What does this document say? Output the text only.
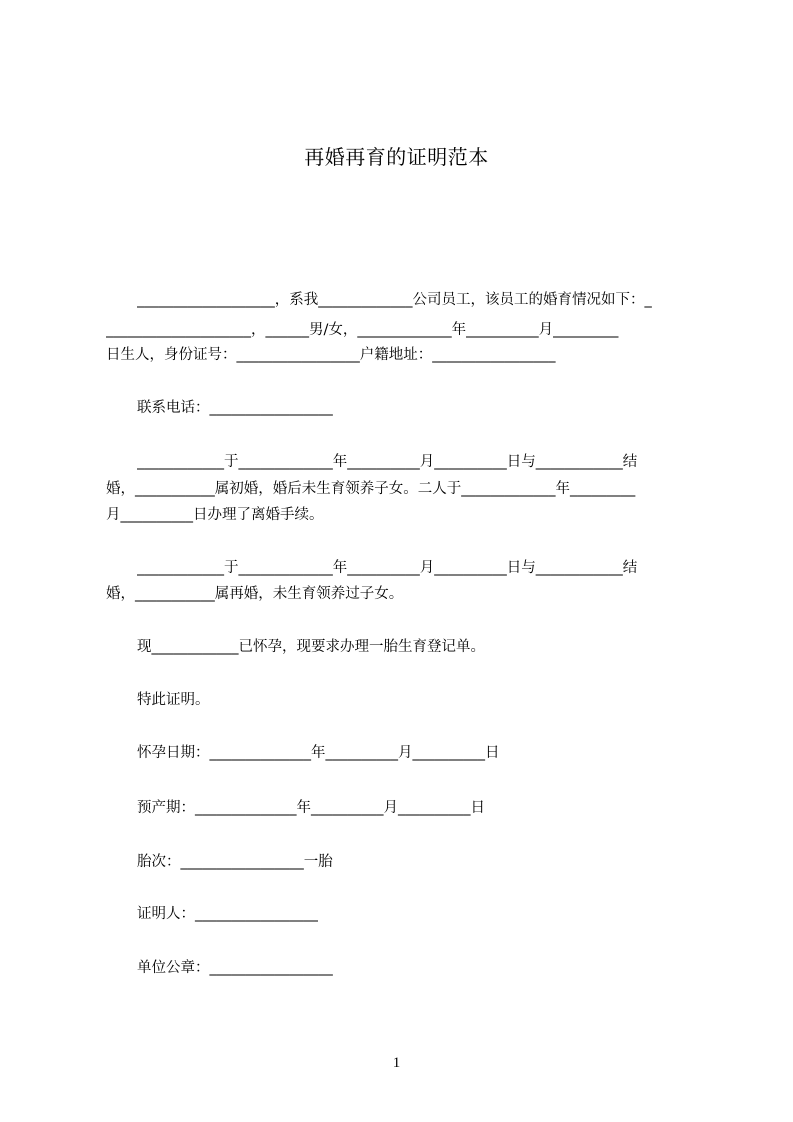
再婚再育的证明范本
___________________，系我_____________公司员工，该员工的婚育情况如下：_
____________________，______男/女，_____________年__________月_________
日生人，身份证号：_________________户籍地址：_________________
联系电话：_________________
____________于_____________年__________月__________日与____________结
婚，___________属初婚，婚后未生育领养子女。二人于_____________年_________
月__________日办理了离婚手续。
____________于_____________年__________月__________日与____________结
婚，___________属再婚，未生育领养过子女。
现____________已怀孕，现要求办理一胎生育登记单。
特此证明。
怀孕日期：______________年__________月__________日
预产期：______________年__________月__________日
胎次：_________________一胎
证明人：_________________
单位公章：_________________
1
